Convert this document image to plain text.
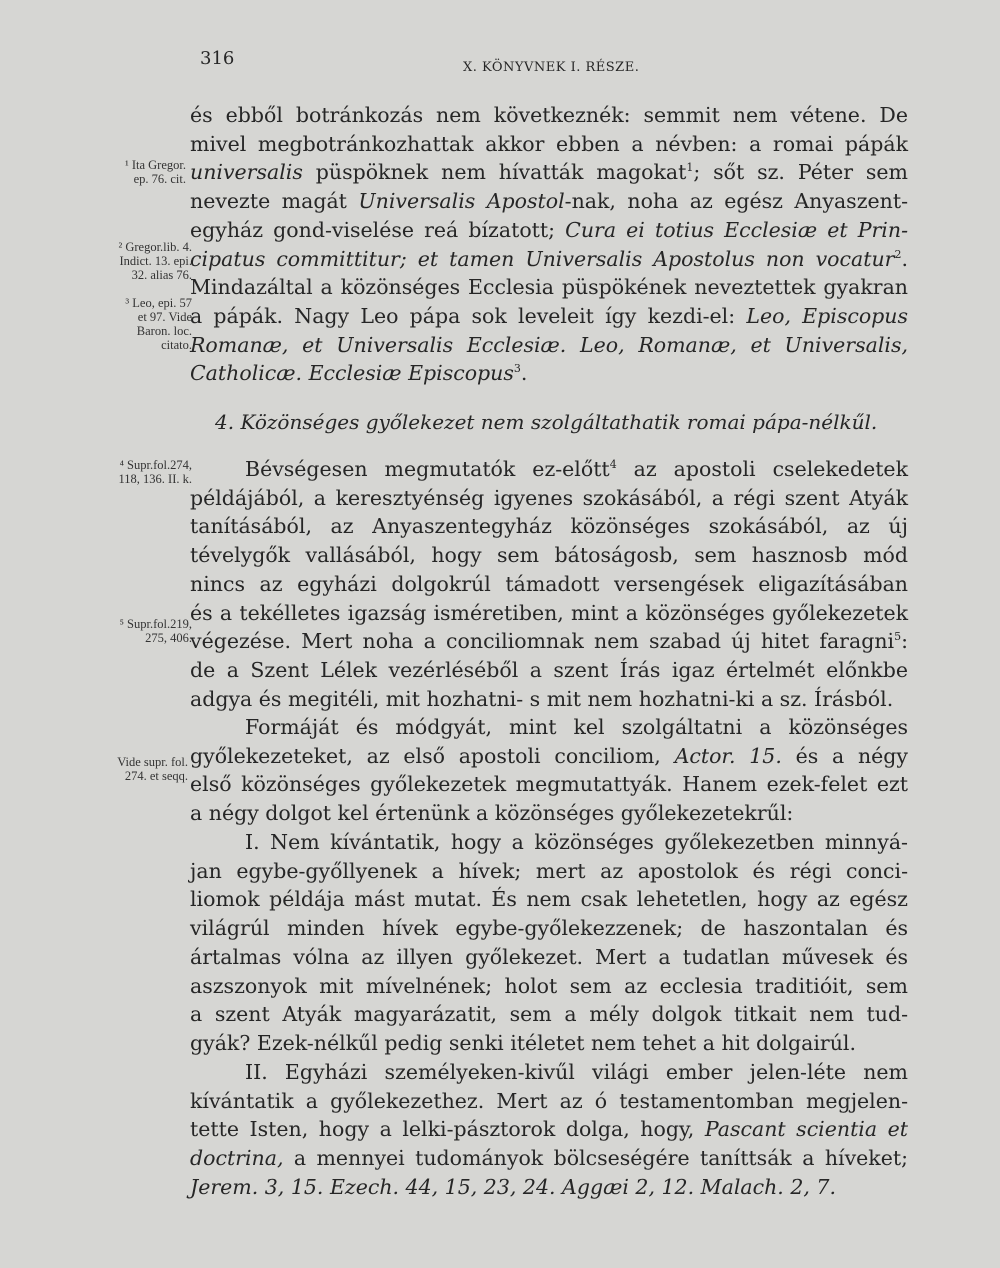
316	X. KÖNYVNEK I. RÉSZE.
¹ Ita Gregor.
ep. 76. cit.
² Gregor.lib. 4.
Indict. 13. epi.
32. alias 76.
³ Leo, epi. 57
et 97. Vide
Baron. loc.
citato.
⁴ Supr.fol.274,
118, 136. II. k.
⁵ Supr.fol.219,
275, 406.
Vide supr. fol.
274. et seqq.
és ebből botránkozás nem következnék: semmit nem vétene. De
mivel megbotránkozhattak akkor ebben a névben: a romai pápák
universalis püspöknek nem hívatták magokat$^1$; sőt sz. Péter sem
nevezte magát Universalis Apostol-nak, noha az egész Anyaszent-
egyház gond-viselése reá bízatott; Cura ei totius Ecclesiæ et Prin-
cipatus committitur; et tamen Universalis Apostolus non vocatur$^2$.
Mindazáltal a közönséges Ecclesia püspökének neveztettek gyakran
a pápák. Nagy Leo pápa sok leveleit így kezdi-el: Leo, Episcopus
Romanæ, et Universalis Ecclesiæ. Leo, Romanæ, et Universalis,
Catholicæ. Ecclesiæ Episcopus$^3$.
4. Közönséges győlekezet nem szolgáltathatik romai pápa-nélkűl.
Bévségesen megmutatók ez-előtt$^4$ az apostoli cselekedetek
példájából, a keresztyénség igyenes szokásából, a régi szent Atyák
tanításából, az Anyaszentegyház közönséges szokásából, az új
tévelygők vallásából, hogy sem bátoságosb, sem hasznosb mód
nincs az egyházi dolgokrúl támadott versengések eligazításában
és a tekélletes igazság isméretiben, mint a közönséges győlekezetek
végezése. Mert noha a conciliomnak nem szabad új hitet faragni$^5$:
de a Szent Lélek vezérléséből a szent Írás igaz értelmét előnkbe
adgya és megitéli, mit hozhatni- s mit nem hozhatni-ki a sz. Írásból.
Formáját és módgyát, mint kel szolgáltatni a közönséges
győlekezeteket, az első apostoli conciliom, Actor. 15. és a négy
első közönséges győlekezetek megmutattyák. Hanem ezek-felet ezt
a négy dolgot kel értenünk a közönséges győlekezetekrűl:
I. Nem kívántatik, hogy a közönséges győlekezetben minnyá-
jan egybe-győllyenek a hívek; mert az apostolok és régi conci-
liomok példája mást mutat. És nem csak lehetetlen, hogy az egész
világrúl minden hívek egybe-győlekezzenek; de haszontalan és
ártalmas vólna az illyen győlekezet. Mert a tudatlan művesek és
aszszonyok mit mívelnének; holot sem az ecclesia traditióit, sem
a szent Atyák magyarázatit, sem a mély dolgok titkait nem tud-
gyák? Ezek-nélkűl pedig senki itéletet nem tehet a hit dolgairúl.
II. Egyházi személyeken-kivűl világi ember jelen-léte nem
kívántatik a győlekezethez. Mert az ó testamentomban megjelen-
tette Isten, hogy a lelki-pásztorok dolga, hogy, Pascant scientia et
doctrina, a mennyei tudományok bölcseségére taníttsák a híveket;
Jerem. 3, 15. Ezech. 44, 15, 23, 24. Aggæi 2, 12. Malach. 2, 7.
